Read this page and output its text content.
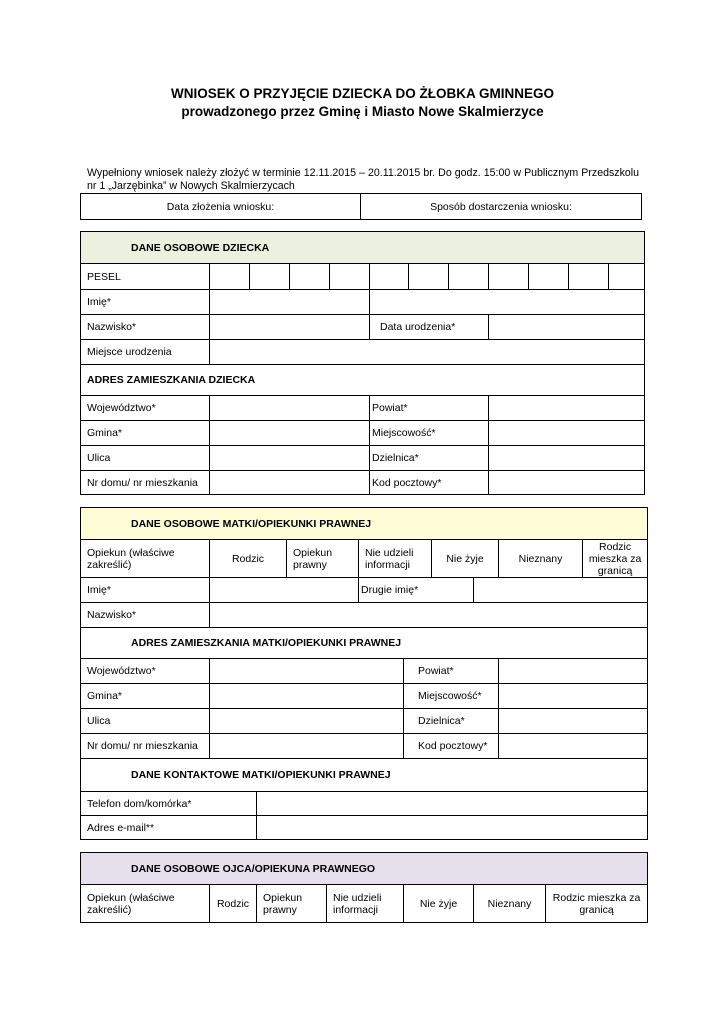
WNIOSEK O PRZYJĘCIE DZIECKA DO ŻŁOBKA GMINNEGO
prowadzonego przez Gminę i Miasto Nowe Skalmierzyce
Wypełniony wniosek należy złożyć w terminie 12.11.2015 – 20.11.2015 br. Do godz. 15:00 w Publicznym Przedszkolu nr 1 „Jarzębinka” w Nowych Skalmierzycach
Data złożenia wniosku:	Sposób dostarczenia wniosku:
DANE OSOBOWE DZIECKA											
PESEL											
Imię*											
Nazwisko*					Data urodzenia*						
Miejsce urodzenia											
ADRES ZAMIESZKANIA DZIECKA											
Województwo*					Powiat*						
Gmina*					Miejscowość*						
Ulica					Dzielnica*						
Nr domu/ nr mieszkania					Kod pocztowy*						
DANE OSOBOWE MATKI/OPIEKUNKI PRAWNEJ									
Opiekun (właściwe zakreślić)	Rodzic		Opiekun prawny	Nie udzieli informacji		Nie żyje		Nieznany	Rodzic mieszka za granicą
Imię*				Drugie imię*					
Nazwisko*									
ADRES ZAMIESZKANIA MATKI/OPIEKUNKI PRAWNEJ									
Województwo*					Powiat*				
Gmina*					Miejscowość*				
Ulica					Dzielnica*				
Nr domu/ nr mieszkania					Kod pocztowy*				
DANE KONTAKTOWE MATKI/OPIEKUNKI PRAWNEJ									
Telefon dom/komórka*									
Adres e-mail**									
DANE OSOBOWE OJCA/OPIEKUNA PRAWNEGO
Opiekun (właściwe zakreślić)	Rodzic	Opiekun prawny	Nie udzieli informacji	Nie żyje	Nieznany	Rodzic mieszka za granicą
